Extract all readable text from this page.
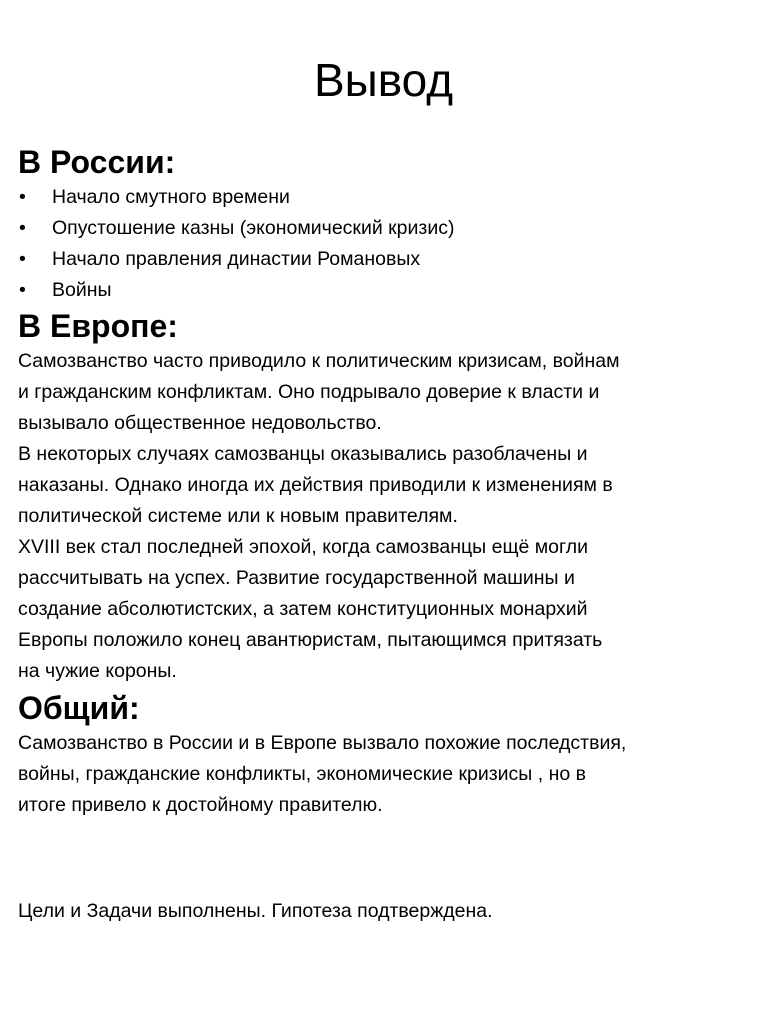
Вывод
В России:
• Начало смутного времени
• Опустошение казны (экономический кризис)
• Начало правления династии Романовых
• Войны
В Европе:
Самозванство часто приводило к политическим кризисам, войнам
и гражданским конфликтам. Оно подрывало доверие к власти и
вызывало общественное недовольство.
В некоторых случаях самозванцы оказывались разоблачены и
наказаны. Однако иногда их действия приводили к изменениям в
политической системе или к новым правителям.
XVIII век стал последней эпохой, когда самозванцы ещё могли
рассчитывать на успех. Развитие государственной машины и
создание абсолютистских, а затем конституционных монархий
Европы положило конец авантюристам, пытающимся притязать
на чужие короны.
Общий:
Самозванство в России и в Европе вызвало похожие последствия,
войны, гражданские конфликты, экономические кризисы , но в
итоге привело к достойному правителю.
Цели и Задачи выполнены. Гипотеза подтверждена.
